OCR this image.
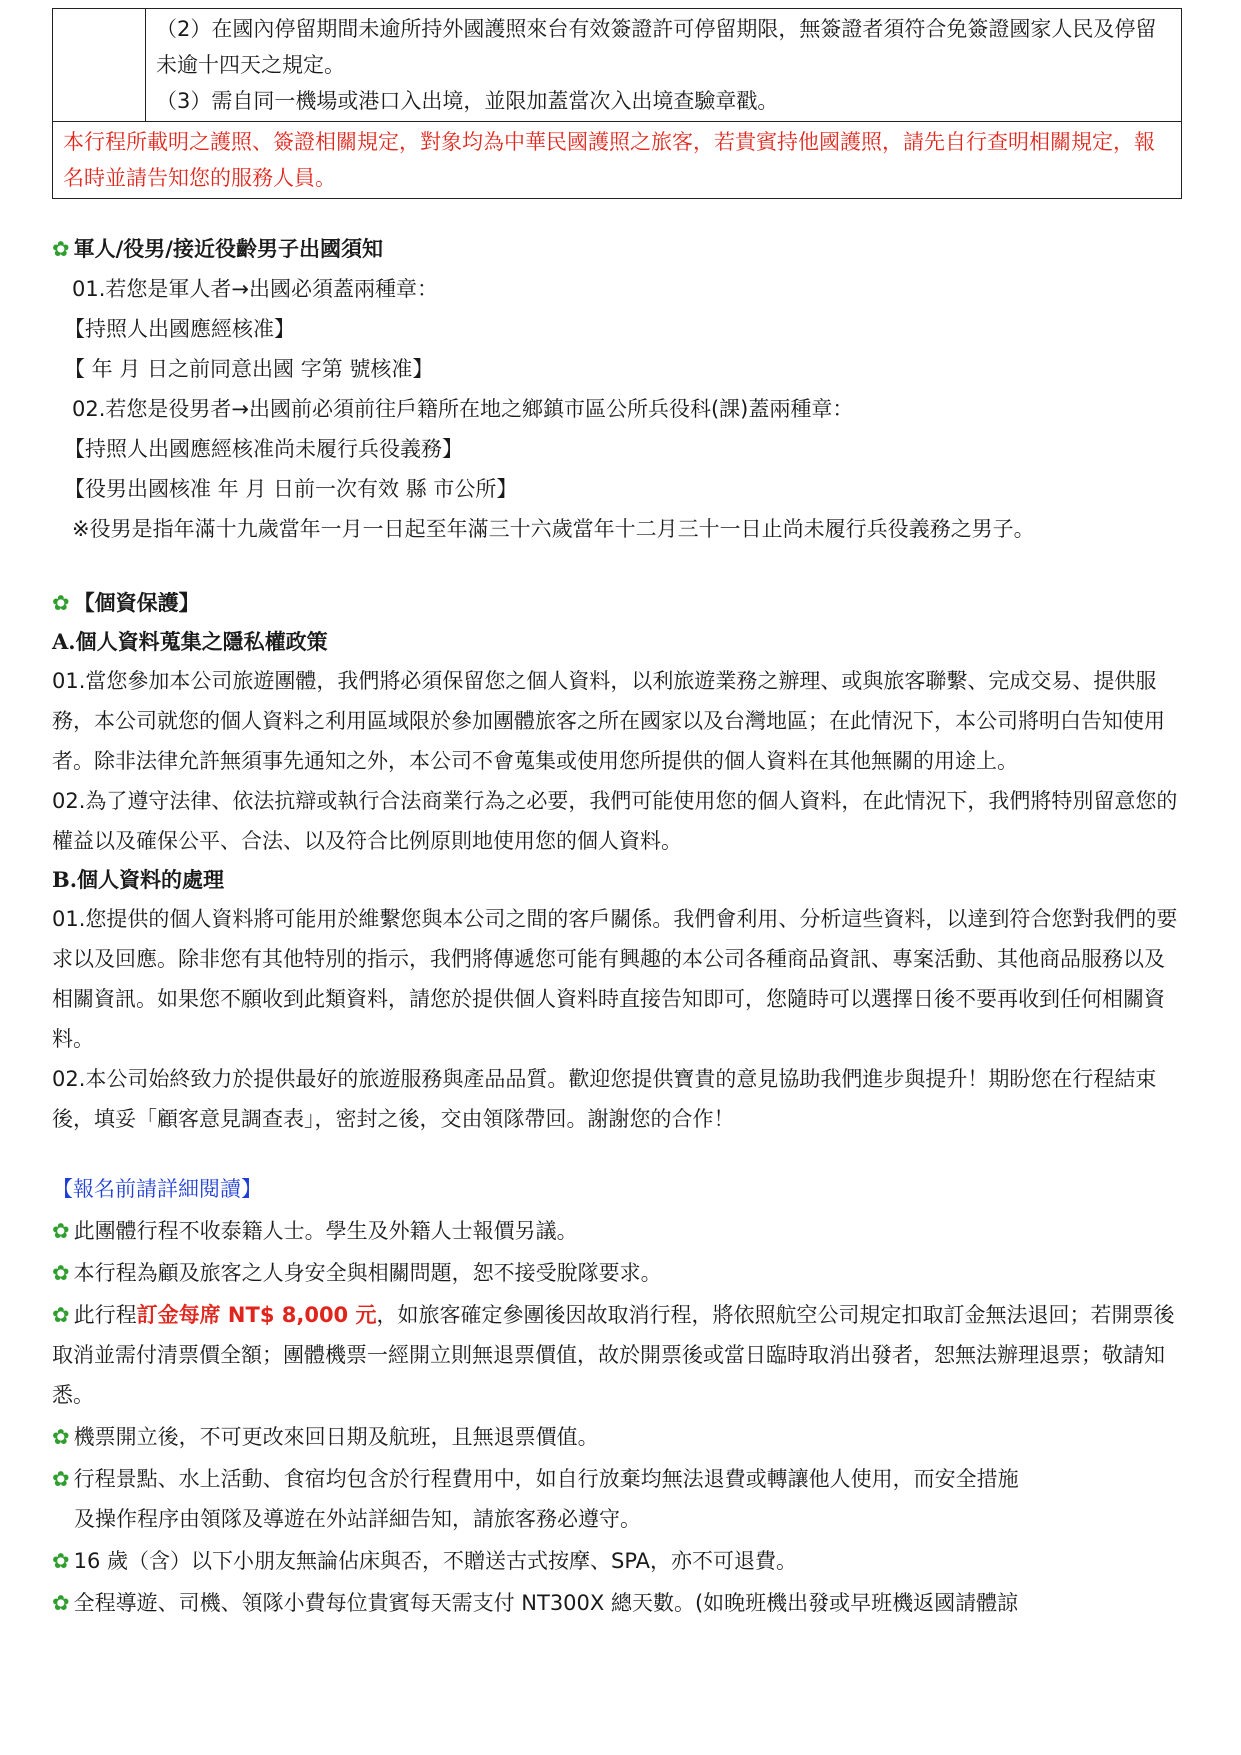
（2）在國內停留期間未逾所持外國護照來台有效簽證許可停留期限，無簽證者須符合免簽證國家人民及停留未逾十四天之規定。
（3）需自同一機場或港口入出境，並限加蓋當次入出境查驗章戳。

本行程所載明之護照、簽證相關規定，對象均為中華民國護照之旅客，若貴賓持他國護照，請先自行查明相關規定，報名時並請告知您的服務人員。
✿ 軍人/役男/接近役齡男子出國須知
01.若您是軍人者→出國必須蓋兩種章：
【持照人出國應經核准】
【 年 月 日之前同意出國 字第 號核准】
02.若您是役男者→出國前必須前往戶籍所在地之鄉鎮市區公所兵役科(課)蓋兩種章：
【持照人出國應經核准尚未履行兵役義務】
【役男出國核准 年 月 日前一次有效 縣 市公所】
※役男是指年滿十九歲當年一月一日起至年滿三十六歲當年十二月三十一日止尚未履行兵役義務之男子。
✿ 【個資保護】
A.個人資料蒐集之隱私權政策
01.當您參加本公司旅遊團體，我們將必須保留您之個人資料，以利旅遊業務之辦理、或與旅客聯繫、完成交易、提供服務，本公司就您的個人資料之利用區域限於參加團體旅客之所在國家以及台灣地區；在此情況下，本公司將明白告知使用者。除非法律允許無須事先通知之外，本公司不會蒐集或使用您所提供的個人資料在其他無關的用途上。
02.為了遵守法律、依法抗辯或執行合法商業行為之必要，我們可能使用您的個人資料，在此情況下，我們將特別留意您的權益以及確保公平、合法、以及符合比例原則地使用您的個人資料。
B.個人資料的處理
01.您提供的個人資料將可能用於維繫您與本公司之間的客戶關係。我們會利用、分析這些資料，以達到符合您對我們的要求以及回應。除非您有其他特別的指示，我們將傳遞您可能有興趣的本公司各種商品資訊、專案活動、其他商品服務以及相關資訊。如果您不願收到此類資料，請您於提供個人資料時直接告知即可，您隨時可以選擇日後不要再收到任何相關資料。
02.本公司始終致力於提供最好的旅遊服務與產品品質。歡迎您提供寶貴的意見協助我們進步與提升！期盼您在行程結束後，填妥「顧客意見調查表」，密封之後，交由領隊帶回。謝謝您的合作！
【報名前請詳細閱讀】
✿ 此團體行程不收泰籍人士。學生及外籍人士報價另議。
✿ 本行程為顧及旅客之人身安全與相關問題，恕不接受脫隊要求。
✿ 此行程訂金每席 NT$ 8,000 元，如旅客確定參團後因故取消行程，將依照航空公司規定扣取訂金無法退回；若開票後取消並需付清票價全額；團體機票一經開立則無退票價值，故於開票後或當日臨時取消出發者，恕無法辦理退票；敬請知悉。
✿ 機票開立後，不可更改來回日期及航班，且無退票價值。
✿ 行程景點、水上活動、食宿均包含於行程費用中，如自行放棄均無法退費或轉讓他人使用，而安全措施
及操作程序由領隊及導遊在外站詳細告知，請旅客務必遵守。
✿ 16 歲（含）以下小朋友無論佔床與否，不贈送古式按摩、SPA，亦不可退費。
✿ 全程導遊、司機、領隊小費每位貴賓每天需支付 NT300X 總天數。(如晚班機出發或早班機返國請體諒
